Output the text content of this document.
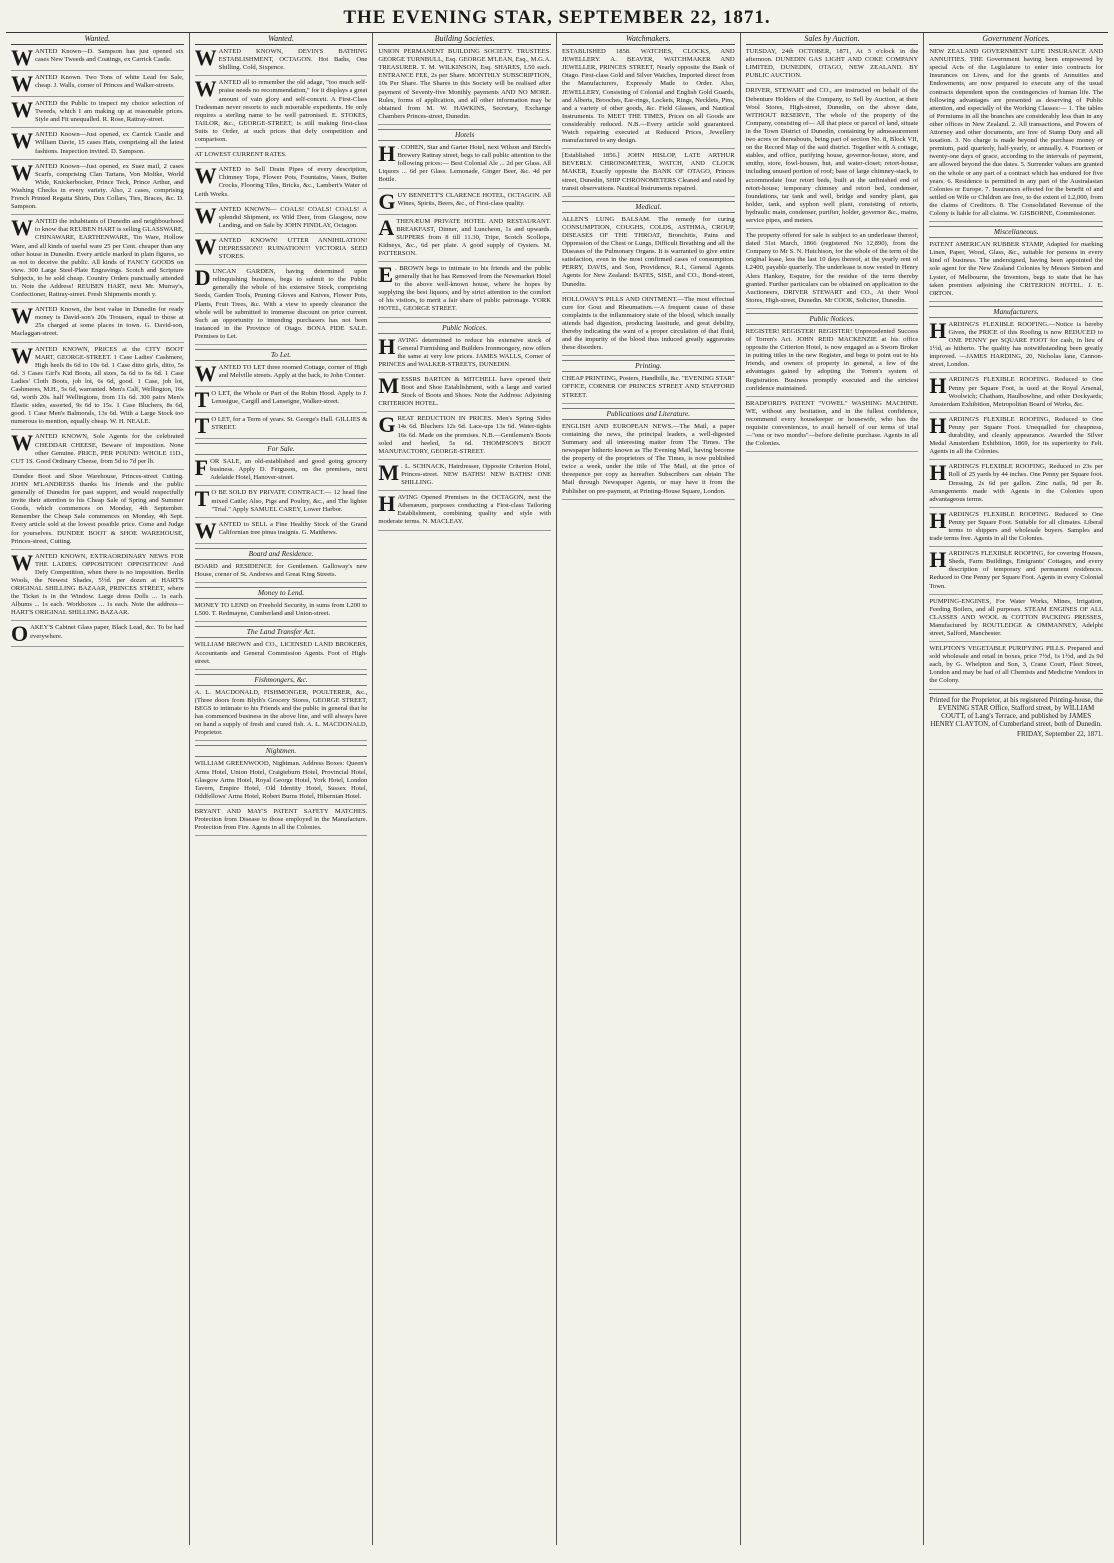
THE EVENING STAR, SEPTEMBER 22, 1871.
Wanted.
W ANTED Known—D. Sampson has just opened six cases New Tweeds and Coatings, ex Carrick Castle.

W ANTED Known. Two Tons of white Lead for Sale, cheap. J. Walls, corner of Princes and Walker-streets.

W ANTED the Public to inspect my choice selection of Tweeds, which I am making up at reasonable prices. Style and Fit unequalled. R. Rose, Rattray-street.

W ANTED Known—Just opened, ex Carrick Castle and William Davie, 15 cases Hats, comprising all the latest fashions. Inspection invited. D. Sampson.

W ANTED Known—Just opened, ex Suez mail, 2 cases Scarfs, comprising Clan Tartans, Von Moltke, World Wide, Knickerbocker, Prince Teck, Prince Arthur, and Washing Checks in every variety. Also, 2 cases, comprising French Printed Regatta Shirts, Dux Collars, Ties, Braces, &c. D. Sampson.

W ANTED the inhabitants of Dunedin and neighbourhood to know that REUBEN HART is selling GLASSWARE, CHINAWARE, EARTHENWARE, Tin Ware, Hollow Ware, and all kinds of useful ware 25 per Cent. cheaper than any other house in Dunedin. Every article marked in plain figures, so as not to deceive the public. All kinds of FANCY GOODS on view. 300 Large Steel-Plate Engravings. Scotch and Scripture Subjects, to be sold cheap. Country Orders punctually attended to. Note the Address! REUBEN HART, next Mr. Murray's, Confectioner, Rattray-street. Fresh Shipments month y.

W ANTED Known, the best value in Dunedin for ready money is David-son's 20s Trousers, equal to those at 25s charged at some places in town. G. David-son, Maclaggan-street.

W ANTED KNOWN, PRICES at the CITY BOOT MART, GEORGE-STREET. 1 Case Ladies' Cashmere, High heels 8s 6d to 10s 6d. 1 Case ditto girls, ditto, 5s 6d. 3 Cases Girl's Kid Boots, all sizes, 5s 6d to 6s 6d. 1 Case Ladies' Cloth Boots, job lot, 6s 6d, good. 1 Case, job lot, Cashmeres, M.H., 5s 6d, warranted. Men's Calf, Wellington, 16s 6d, worth 20s. half Wellingtons, from 11s 6d. 300 pairs Men's Elastic sides, assorted, 9s 6d to 15s. 1 Case Bluchers, 8s 6d, good. 1 Case Men's Balmorals, 13s 6d. With a Large Stock too numerous to mention, equally cheap. W. H. NEALE.

W ANTED KNOWN, Sole Agents for the celebrated CHEDDAR CHEESE, Beware of imposition. None other Genuine. PRICE, PER POUND: WHOLE 11D., CUT 1S. Good Ordinary Cheese, from 5d to 7d per lb.

Dundee Boot and Shoe Warehouse, Princes-street Cutting. JOHN M'LANDRESS thanks his friends and the public generally of Dunedin for past support, and would respectfully invite their attention to his Cheap Sale of Spring and Summer Goods, which commences on Monday, 4th September. Remember the Cheap Sale commences on Monday, 4th Sept. Every article sold at the lowest possible price. Come and Judge for yourselves. DUNDEE BOOT & SHOE WAREHOUSE, Princes-street, Cutting.

W ANTED KNOWN, EXTRAORDINARY NEWS FOR THE LADIES. OPPOSITION! OPPOSITION! And Defy Competition, when there is no imposition. Berlin Wools, the Newest Shades, 5½d. per dozen at HART'S ORIGINAL SHILLING BAZAAR, PRINCES STREET, where the Ticket is in the Window. Large dress Dolls ... 1s each. Albums ... 1s each. Workboxes ... 1s each. Note the address—HART'S ORIGINAL SHILLING BAZAAR.

O AKEY'S Cabinet Glass paper, Black Lead, &c. To be had everywhere.

Wanted.
W ANTED KNOWN, DEVIN'S BATHING ESTABLISHMENT, OCTAGON. Hot Baths, One Shilling. Cold, Sixpence.

W ANTED all to remember the old adage, "too much self-praise needs no recommendation," for it displays a great amount of vain glory and self-conceit. A First-Class Tradesman never resorts to such miserable expedients. He only requires a sterling name to be well patronised. E. STOKES, TAILOR, &c., GEORGE-STREET, is still making first-class Suits to Order, at such prices that defy competition and comparison.

AT LOWEST CURRENT RATES.

W ANTED to Sell Drain Pipes of every description, Chimney Tops, Flower Pots, Fountains, Vases, Butter Crocks, Flooring Tiles, Bricks, &c., Lambert's Water of Leith Works.

W ANTED KNOWN— COALS! COALS! COALS! A splendid Shipment, ex Wild Deer, from Glasgow, now Landing, and on Sale by JOHN FINDLAY, Octagon.

W ANTED KNOWN! UTTER ANNIHILATION! DEPRESSION!! RUINATION!!! VICTORIA SEED STORES.

D UNCAN GARDEN, having determined upon relinquishing business, begs to submit to the Public generally the whole of his extensive Stock, comprising Seeds, Garden Tools, Pruning Gloves and Knives, Flower Pots, Plants, Fruit Trees, &c. With a view to speedy clearance the whole will be submitted to immense discount on price current. Such an opportunity to intending purchasers has not been instanced in the Province of Otago. BONA FIDE SALE. Premises to Let.

To Let.
W ANTED TO LET three roomed Cottage, corner of High and Melville streets. Apply at the back, to John Conner.

T O LET, the Whole or Part of the Robin Hood. Apply to J. Lenssigue, Cargill and Lanseigne, Walker-street.

T O LET, for a Term of years. St. George's Hall. GILLIES & STREET.

For Sale.
F OR SALE, an old-established and good going grocery business. Apply D. Ferguson, on the premises, next Adelaide Hotel, Hanover-street.

T O BE SOLD BY PRIVATE CONTRACT.— 12 head fine mixed Cattle; Also, Pigs and Poultry, &c., and The lighter "Trial." Apply SAMUEL CAREY, Lower Harbor.

W ANTED to SELL a Fine Healthy Stock of the Grand Californian tree pinus insignis. G. Matthews.

Board and Residence.

BOARD and RESIDENCE for Gentlemen. Galloway's new House, corner of St. Andrews and Great King Streets.

Money to Lend.

MONEY TO LEND on Freehold Security, in sums from L200 to L500. T. Redmayne, Cumberland and Union-street.

The Land Transfer Act.

WILLIAM BROWN and CO., LICENSED LAND BROKERS, Accountants and General Commission Agents. Foot of High-street.

Fishmongers, &c.

A. L. MACDONALD, FISHMONGER, POULTERER, &c., (Three doors from Blyth's Grocery Stores, GEORGE STREET, BEGS to intimate to his Friends and the public in general that he has commenced business in the above line, and will always have on hand a supply of fresh and cured fish. A. L. MACDONALD, Proprietor.

Nightmen.

WILLIAM GREENWOOD, Nightman. Address Boxes: Queen's Arms Hotel, Union Hotel, Craigieburn Hotel, Provincial Hotel, Glasgow Arms Hotel, Royal George Hotel, York Hotel, London Tavern, Empire Hotel, Old Identity Hotel, Sussex Hotel, Oddfellows' Arms Hotel, Robert Burns Hotel, Hibernian Hotel.

BRYANT AND MAY'S PATENT SAFETY MATCHES. Protection from Disease to those employed in the Manufacture. Protection from Fire. Agents in all the Colonies.

Building Societies.

UNION PERMANENT BUILDING SOCIETY. TRUSTEES. GEORGE TURNBULL, Esq. GEORGE M'LEAN, Esq., M.G.A. TREASURER. T. M. WILKINSON, Esq. SHARES, L50 each. ENTRANCE FEE, 2s per Share. MONTHLY SUBSCRIPTION, 10s Per Share. The Shares in this Society will be realised after payment of Seventy-five Monthly payments AND NO MORE. Rules, forms of application, and all other information may be obtained from M. W. HAWKINS, Secretary, Exchange Chambers Princes-street, Dunedin.

Hotels
H . COHEN, Star and Garter Hotel, next Wilson and Birch's Brewery Rattray street, begs to call public attention to the following prices:— Best Colonial Ale ... 2d per Glass. All Liquors ... 6d per Glass. Lemonade, Ginger Beer, &c. 4d per Bottle.

G UY BENNETT'S CLARENCE HOTEL, OCTAGON. All Wines, Spirits, Beers, &c., of First-class quality.

A THENÆUM PRIVATE HOTEL AND RESTAURANT. BREAKFAST, Dinner, and Luncheon, 1s and upwards. SUPPERS from 8 till 11.30, Tripe, Scotch Scollops, Kidneys, &c., 6d per plate. A good supply of Oysters. M. PATTERSON.

E . BROWN begs to intimate to his friends and the public generally that he has Removed from the Newmarket Hotel to the above well-known house, where he hopes by supplying the best liquors, and by strict attention to the comfort of his visitors, to merit a fair share of public patronage. YORK HOTEL, GEORGE STREET.

Public Notices.
H AVING determined to reduce his extensive stock of General Furnishing and Builders Ironmongery, now offers the same at very low prices. JAMES WALLS, Corner of PRINCES and WALKER-STREETS, DUNEDIN.

M ESSRS BARTON & MITCHELL have opened their Boot and Shoe Establishment, with a large and varied Stock of Boots and Shoes. Note the Address: Adjoining CRITERION HOTEL.

G REAT REDUCTION IN PRICES. Men's Spring Sides 14s 6d. Bluchers 12s 6d. Lace-ups 13s 6d. Water-tights 16s 6d. Made on the premises. N.B.—Gentlemen's Boots soled and heeled, 5s 6d. THOMPSON'S BOOT MANUFACTORY, GEORGE-STREET.

M . L. SCHNACK, Hairdresser, Opposite Criterion Hotel, Princes-street. NEW BATHS! NEW BATHS! ONE SHILLING.

H AVING Opened Premises in the OCTAGON, next the Athenæum, purposes conducting a First-class Tailoring Establishment, combining quality and style with moderate terms. N. MACLEAY.

Watchmakers.

ESTABLISHED 1858. WATCHES, CLOCKS, AND JEWELLERY. A. BEAVER, WATCHMAKER AND JEWELLER, PRINCES STREET, Nearly opposite the Bank of Otago. First-class Gold and Silver Watches, Imported direct from the Manufacturers, Expressly Made to Order. Also, JEWELLERY, Consisting of Colonial and English Gold Guards, and Alberts, Brooches, Ear-rings, Lockets, Rings, Necklets, Pins, and a variety of other goods, &c. Field Glasses, and Nautical Instruments. To MEET THE TIMES, Prices on all Goods are considerably reduced. N.B.—Every article sold guaranteed. Watch repairing executed at Reduced Prices, Jewellery manufactured to any design.

[Established 1856.] JOHN HISLOP, LATE ARTHUR BEVERLY. CHRONOMETER, WATCH, AND CLOCK MAKER, Exactly opposite the BANK OF OTAGO, Princes street, Dunedin, SHIP CHRONOMETERS Cleaned and rated by transit observations. Nautical Instruments repaired.

Medical.

ALLEN'S LUNG BALSAM. The remedy for curing CONSUMPTION, COUGHS, COLDS, ASTHMA, CROUP, DISEASES OF THE THROAT, Bronchitis, Pains and Oppression of the Chest or Lungs, Difficult Breathing and all the Diseases of the Pulmonary Organs. It is warranted to give entire satisfaction, even in the most confirmed cases of consumption. PERRY, DAVIS, and Son, Providence, R.I., General Agents. Agents for New Zealand: BATES, SISE, and CO., Bond-street, Dunedin.

HOLLOWAY'S PILLS AND OINTMENT.—The most effectual cure for Gout and Rheumatism.—A frequent cause of these complaints is the inflammatory state of the blood, which usually attends bad digestion, producing lassitude, and great debility, thereby indicating the want of a proper circulation of that fluid, and the impurity of the blood thus induced greatly aggravates these disorders.

Printing.

CHEAP PRINTING, Posters, Handbills, &c. "EVENING STAR" OFFICE, CORNER OF PRINCES STREET AND STAFFORD STREET.

Publications and Literature.

ENGLISH AND EUROPEAN NEWS.—The Mail, a paper containing the news, the principal leaders, a well-digested Summary and all interesting matter from The Times. The newspaper hitherto known as The Evening Mail, having become the property of the proprietors of The Times, is now published twice a week, under the title of The Mail, at the price of threepence per copy as hereafter. Subscribers can obtain The Mail through Newspaper Agents, or may have it from the Publisher on pre-payment, at Printing-House Square, London.

Sales by Auction.

TUESDAY, 24th OCTOBER, 1871, At 3 o'clock in the afternoon. DUNEDIN GAS LIGHT AND COKE COMPANY LIMITED, DUNEDIN, OTAGO, NEW ZEALAND. BY PUBLIC AUCTION.

DRIVER, STEWART and CO., are instructed on behalf of the Debenture Holders of the Company, to Sell by Auction, at their Wool Stores, High-street, Dunedin, on the above date, WITHOUT RESERVE, The whole of the property of the Company, consisting of— All that piece or parcel of land, situate in the Town District of Dunedin, containing by admeasurement two acres or thereabouts, being part of section No. 8, Block VII, on the Record Map of the said district. Together with A cottage, stables, and office, purifying house, governor-house, store, and smithy, store, fowl-houses, hut, and water-closet; retort-house, including unused portion of roof; base of large chimney-stack, to accommodate four retort beds, built at the unfinished end of retort-house; temporary chimney and retort bed, condenser, foundations, tar tank and well, bridge and sundry plant, gas holder, tank, and syphon well plant, consisting of retorts, hydraulic main, condenser, purifier, holder, governor &c., mains, service pipes, and meters.

The property offered for sale is subject to an underlease thereof, dated 31st March, 1866 (registered No 12,890), from the Company to Mr S. N. Hutchison, for the whole of the term of the original lease, less the last 10 days thereof, at the yearly rent of L2400, payable quarterly. The underlease is now vested in Henry Alers Hankey, Esquire, for the residue of the term thereby granted. Further particulars can be obtained on application to the Auctioneers, DRIVER STEWART and CO., At their Wool Stores, High-street, Dunedin. Mr COOK, Solicitor, Dunedin.

Public Notices.

REGISTER! REGISTER! REGISTER! Unprecedented Success of Torren's Act. JOHN REID MACKENZIE at his office opposite the Criterion Hotel, is now engaged as a Sworn Broker in putting titles in the new Register, and begs to point out to his friends, and owners of property in general, a few of the advantages gained by adopting the Torren's system of Registration. Business promptly executed and the strictest confidence maintained.

BRADFORD'S PATENT "VOWEL" WASHING MACHINE. WE, without any hesitation, and in the fullest confidence, recommend every housekeeper or housewife, who has the requisite conveniences, to avail herself of our terms of trial—"one or two months"—before definite purchase. Agents in all the Colonies.

Government Notices.

NEW ZEALAND GOVERNMENT LIFE INSURANCE AND ANNUITIES. THE Government having been empowered by special Acts of the Legislature to enter into contracts for Insurances on Lives, and for the grants of Annuities and Endowments, are now prepared to execute any of the usual contracts dependent upon the contingencies of human life. The following advantages are presented as deserving of Public attention, and especially of the Working Classes:— 1. The tables of Premiums in all the branches are considerably less than in any other offices in New Zealand. 2. All transactions, and Powers of Attorney and other documents, are free of Stamp Duty and all taxation. 3. No charge is made beyond the purchase money or premium, paid quarterly, half-yearly, or annually. 4. Fourteen or twenty-one days of grace, according to the intervals of payment, are allowed beyond the due dates. 5. Surrender values are granted on the whole or any part of a contract which has endured for five years. 6. Residence is permitted in any part of the Australasian Colonies or Europe. 7. Insurances effected for the benefit of and settled on Wife or Children are free, to the extent of L2,000, from the claims of Creditors. 8. The Consolidated Revenue of the Colony is liable for all claims. W. GISBORNE, Commissioner.

Miscellaneous.

PATENT AMERICAN RUBBER STAMP, Adapted for marking Linen, Paper, Wood, Glass, &c., suitable for persons in every kind of business. The undersigned, having been appointed the sole agent for the New Zealand Colonies by Messrs Stetson and Lyster, of Melbourne, the Inventors, begs to state that he has taken premises adjoining the CRITERION HOTEL. J. E. ORTON.

Manufacturers.
H ARDING'S FLEXIBLE ROOFING.—Notice is hereby Given, the PRICE of this Roofing is now REDUCED to ONE PENNY per SQUARE FOOT for cash, in lieu of 1½d, as hitherto. The quality has notwithstanding been greatly improved. —JAMES HARDING, 20, Nicholas lane, Cannon-street, London.

H ARDING'S FLEXIBLE ROOFING. Reduced to One Penny per Square Foot, is used at the Royal Arsenal, Woolwich; Chatham, Haulbowline, and other Dockyards; Amsterdam Exhibition, Metropolitan Board of Works, &c.

H ARDING'S FLEXIBLE ROOFING, Reduced to One Penny per Square Foot. Unequalled for cheapness, durability, and cleanly appearance. Awarded the Silver Medal Amsterdam Exhibition, 1869, for its superiority to Felt. Agents in all the Colonies.

H ARDING'S FLEXIBLE ROOFING, Reduced to 23s per Roll of 25 yards by 44 inches. One Penny per Square foot. Dressing, 2s 6d per gallon. Zinc nails, 9d per lb. Arrangements made with Agents in the Colonies upon advantageous terms.

H ARDING'S FLEXIBLE ROOFING. Reduced to One Penny per Square Foot. Suitable for all climates. Liberal terms to shippers and wholesale buyers. Samples and trade terms free. Agents in all the Colonies.

H ARDING'S FLEXIBLE ROOFING, for covering Houses, Sheds, Farm Buildings, Emigrants' Cottages, and every description of temporary and permanent residences. Reduced to One Penny per Square Foot. Agents in every Colonial Town.

PUMPING-ENGINES, For Water Works, Mines, Irrigation, Feeding Boilers, and all purposes. STEAM ENGINES OF ALL CLASSES AND WOOL & COTTON PACKING PRESSES, Manufactured by ROUTLEDGE & OMMANNEY, Adelphi street, Salford, Manchester.

WELPTON'S VEGETABLE PURIFYING PILLS. Prepared and sold wholesale and retail in boxes, price 7½d, 1s 1½d, and 2s 9d each, by G. Whelpton and Son, 3, Crane Court, Fleet Street, London and may be had of all Chemists and Medicine Vendors in the Colony.

Printed for the Proprietor, at his registered Printing-house, the EVENING STAR Office, Stafford street, by WILLIAM COUTT, of Lang's Terrace, and published by JAMES HENRY CLAYTON, of Cumberland street, both of Dunedin.

FRIDAY, September 22, 1871.
